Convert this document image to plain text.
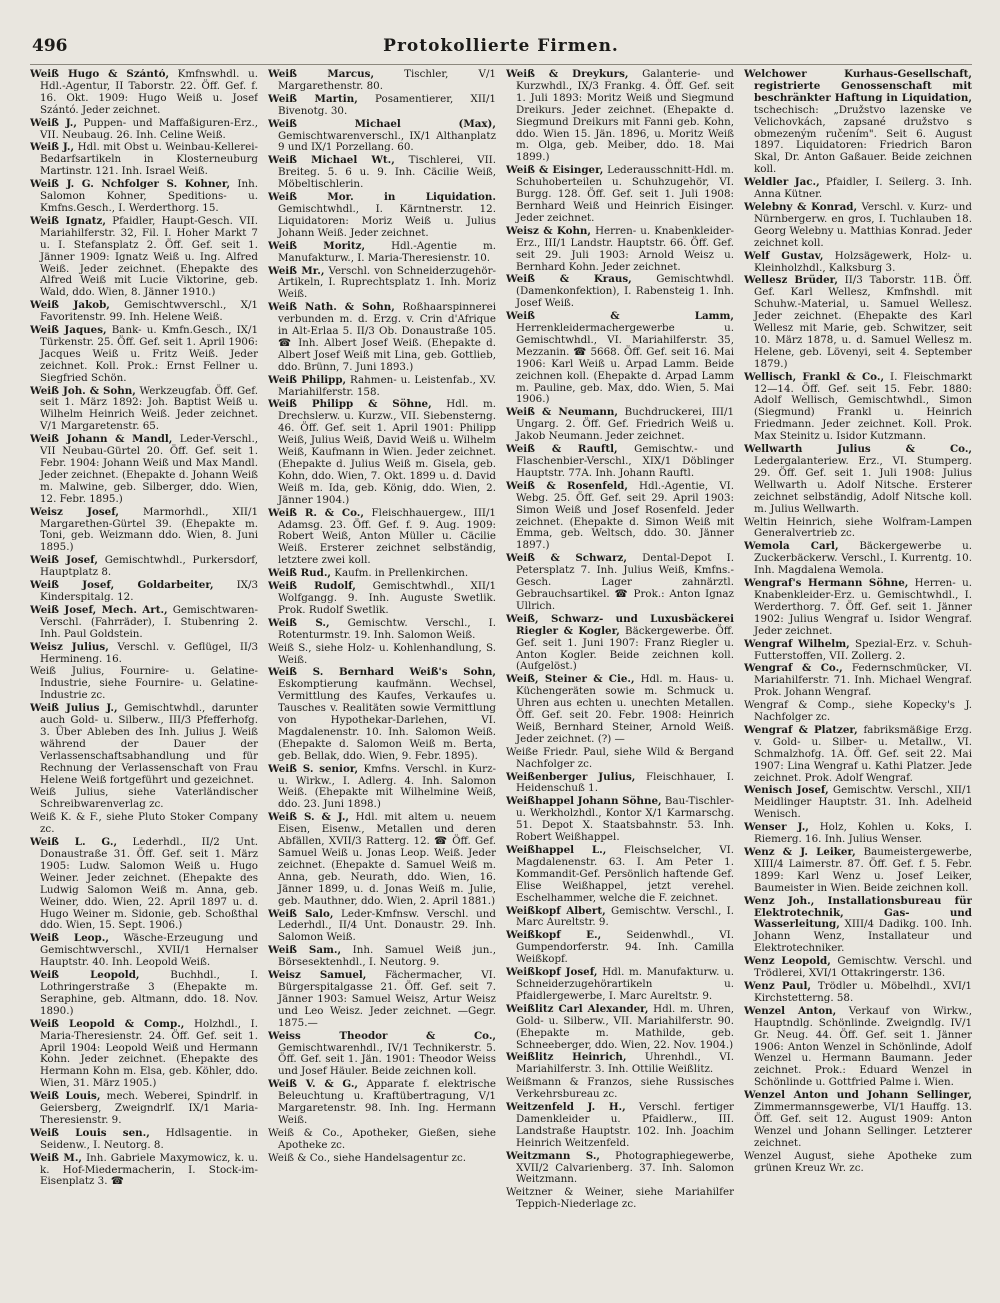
496	Protokollierte Firmen.

Weiß Hugo & Szántó, Kmfnswhdl. u. Hdl.-Agentur, II Taborstr. 22. Öff. Gef. f. 16. Okt. 1909: Hugo Weiß u. Josef Szántó. Jeder zeichnet.

Weiß J., Puppen- und Maffaßiguren-Erz., VII. Neubaug. 26. Inh. Celine Weiß.

Weiß J., Hdl. mit Obst u. Weinbau-Kellerei-Bedarfsartikeln in Klosterneuburg Martinstr. 121. Inh. Israel Weiß.

Weiß J. G. Nchfolger S. Kohner, Inh. Salomon Kohner, Speditions- u. Kmfns.Gesch., I. Werderthorg. 15.

Weiß Ignatz, Pfaidler, Haupt-Gesch. VII. Mariahilferstr. 32, Fil. I. Hoher Markt 7 u. I. Stefansplatz 2. Öff. Gef. seit 1. Jänner 1909: Ignatz Weiß u. Ing. Alfred Weiß. Jeder zeichnet. (Ehepakte des Alfred Weiß mit Lucie Viktorine, geb. Wald, ddo. Wien, 8. Jänner 1910.)

Weiß Jakob, Gemischtwverschl., X/1 Favoritenstr. 99. Inh. Helene Weiß.

Weiß Jaques, Bank- u. Kmfn.Gesch., IX/1 Türkenstr. 25. Öff. Gef. seit 1. April 1906: Jacques Weiß u. Fritz Weiß. Jeder zeichnet. Koll. Prok.: Ernst Fellner u. Siegfried Schön.

Weiß Joh. & Sohn, Werkzeugfab. Öff. Gef. seit 1. März 1892: Joh. Baptist Weiß u. Wilhelm Heinrich Weiß. Jeder zeichnet. V/1 Margaretenstr. 65.

Weiß Johann & Mandl, Leder-Verschl., VII Neubau-Gürtel 20. Öff. Gef. seit 1. Febr. 1904: Johann Weiß und Max Mandl. Jeder zeichnet. (Ehepakte d. Johann Weiß m. Malwine, geb. Silberger, ddo. Wien, 12. Febr. 1895.)

Weisz Josef, Marmorhdl., XII/1 Margarethen-Gürtel 39. (Ehepakte m. Toni, geb. Weizmann ddo. Wien, 8. Juni 1895.)

Weiß Josef, Gemischtwhdl., Purkersdorf, Hauptplatz 8.

Weiß Josef, Goldarbeiter, IX/3 Kinderspitalg. 12.

Weiß Josef, Mech. Art., Gemischtwaren-Verschl. (Fahrräder), I. Stubenring 2. Inh. Paul Goldstein.

Weisz Julius, Verschl. v. Geflügel, II/3 Hermineng. 16.

Weiß Julius, Fournire- u. Gelatine-Industrie, siehe Fournire- u. Gelatine-Industrie zc.

Weiß Julius J., Gemischtwhdl., darunter auch Gold- u. Silberw., III/3 Pfefferhofg. 3. Über Ableben des Inh. Julius J. Weiß während der Dauer der Verlassenschaftsabhandlung und für Rechnung der Verlassenschaft von Frau Helene Weiß fortgeführt und gezeichnet.

Weiß Julius, siehe Vaterländischer Schreibwarenverlag zc.

Weiß K. & F., siehe Pluto Stoker Company zc.

Weiß L. G., Lederhdl., II/2 Unt. Donaustraße 31. Öff. Gef. seit 1. März 1905: Ludw. Salomon Weiß u. Hugo Weiner. Jeder zeichnet. (Ehepakte des Ludwig Salomon Weiß m. Anna, geb. Weiner, ddo. Wien, 22. April 1897 u. d. Hugo Weiner m. Sidonie, geb. Schoßthal ddo. Wien, 15. Sept. 1906.)

Weiß Leop., Wäsche-Erzeugung und Gemischtwverschl., XVII/1 Hernalser Hauptstr. 40. Inh. Leopold Weiß.

Weiß Leopold,	Buchhdl., I. Lothringerstraße 3 (Ehepakte m. Seraphine, geb. Altmann, ddo. 18. Nov. 1890.)

Weiß Leopold & Comp., Holzhdl., I. Maria-Theresienstr. 24. Öff. Gef. seit 1. April 1904: Leopold Weiß und Hermann Kohn. Jeder zeichnet. (Ehepakte des Hermann Kohn m. Elsa, geb. Köhler, ddo. Wien, 31. März 1905.)

Weiß Louis, mech. Weberei, Spindrlf. in Geiersberg, Zweigndrlf. IX/1 Maria-Theresienstr. 9.

Weiß Louis sen., Hdlsagentie. in Seidenw., I. Neutorg. 8.

Weiß M., Inh. Gabriele Maxymowicz, k. u. k. Hof-Miedermacherin, I. Stock-im-Eisenplatz 3. ☎

Weiß Marcus,	Tischler, V/1 Margarethenstr. 80.

Weiß Martin, Posamentierer, XII/1 Bivenotg. 30.

Weiß Michael (Max), Gemischtwarenverschl., IX/1 Althanplatz 9 und IX/1 Porzellang. 60.

Weiß Michael Wt., Tischlerei, VII. Breiteg. 5. 6 u. 9. Inh. Cäcilie Weiß, Möbeltischlerin.

Weiß Mor. in Liquidation. Gemischtwhdl., I. Kärntnerstr. 12. Liquidatoren: Moriz Weiß u. Julius Johann Weiß. Jeder zeichnet.

Weiß Moritz,	Hdl.-Agentie m. Manufakturw., I. Maria-Theresienstr. 10.

Weiß Mr., Verschl. von Schneiderzugehör-Artikeln, I. Ruprechtsplatz 1. Inh. Moriz Weiß.

Weiß Nath. & Sohn, Roßhaarspinnerei verbunden m. d. Erzg. v. Crin d'Afrique in Alt-Erlaa 5. II/3 Ob. Donaustraße 105. ☎ Inh. Albert Josef Weiß. (Ehepakte d. Albert Josef Weiß mit Lina, geb. Gottlieb, ddo. Brünn, 7. Juni 1893.)

Weiß Philipp, Rahmen- u. Leistenfab., XV. Mariahilferstr. 158.

Weiß Philipp & Söhne, Hdl. m. Drechslerw. u. Kurzw., VII. Siebensterng. 46. Öff. Gef. seit 1. April 1901: Philipp Weiß, Julius Weiß, David Weiß u. Wilhelm Weiß, Kaufmann in Wien. Jeder zeichnet. (Ehepakte d. Julius Weiß m. Gisela, geb. Kohn, ddo. Wien, 7. Okt. 1899 u. d. David Weiß m. Ida, geb. König, ddo. Wien, 2. Jänner 1904.)

Weiß R. & Co., Fleischhauergew., III/1 Adamsg. 23. Öff. Gef. f. 9. Aug. 1909: Robert Weiß, Anton Müller u. Cäcilie Weiß. Ersterer zeichnet selbständig, letztere zwei koll.

Weiß Rud., Kaufm. in Prellenkirchen.

Weiß Rudolf, Gemischtwhdl., XII/1 Wolfgangg. 9. Inh. Auguste Swetlik. Prok. Rudolf Swetlik.

Weiß S., Gemischtw. Verschl., I. Rotenturmstr. 19. Inh. Salomon Weiß.

Weiß S., siehe Holz- u. Kohlenhandlung, S. Weiß.

Weiß S. Bernhard Weiß's Sohn, Eskomptierung kaufmänn. Wechsel, Vermittlung des Kaufes, Verkaufes u. Tausches v. Realitäten sowie Vermittlung von Hypothekar-Darlehen, VI. Magdalenenstr. 10. Inh. Salomon Weiß. (Ehepakte d. Salomon Weiß m. Berta, geb. Bellak, ddo. Wien, 9. Febr. 1895).

Weiß S. senior, Kmfns. Verschl. in Kurz- u. Wirkw., I. Adlerg. 4. Inh. Salomon Weiß. (Ehepakte mit Wilhelmine Weiß, ddo. 23. Juni 1898.)

Weiß S. & J., Hdl. mit altem u. neuem Eisen, Eisenw., Metallen und deren Abfällen, XVII/3 Ratterg. 12. ☎ Öff. Gef. Samuel Weiß u. Jonas Leop. Weiß. Jeder zeichnet. (Ehepakte d. Samuel Weiß m. Anna, geb. Neurath, ddo. Wien, 16. Jänner 1899, u. d. Jonas Weiß m. Julie, geb. Mauthner, ddo. Wien, 2. April 1881.)

Weiß Salo, Leder-Kmfnsw. Verschl. und Lederhdl., II/4 Unt. Donaustr. 29. Inh. Salomon Weiß.

Weiß Sam., Inh. Samuel Weiß jun., Börsesektenhdl., I. Neutorg. 9.

Weisz Samuel, Fächermacher, VI. Bürgerspitalgasse 21. Öff. Gef. seit 7. Jänner 1903: Samuel Weisz, Artur Weisz und Leo Weisz. Jeder zeichnet. —Gegr. 1875.—

Weiss Theodor & Co., Gemischtwarenhdl., IV/1 Technikerstr. 5. Öff. Gef. seit 1. Jän. 1901: Theodor Weiss und Josef Häuler. Beide zeichnen koll.

Weiß V. & G., Apparate f. elektrische Beleuchtung u. Kraftübertragung, V/1 Margaretenstr. 98. Inh. Ing. Hermann Weiß.

Weiß & Co., Apotheker, Gießen, siehe Apotheke zc.

Weiß & Co., siehe Handelsagentur zc.

Weiß & Dreykurs, Galanterie- und Kurzwhdl., IX/3 Frankg. 4. Öff. Gef. seit 1. Juli 1893: Moritz Weiß und Siegmund Dreikurs. Jeder zeichnet. (Ehepakte d. Siegmund Dreikurs mit Fanni geb. Kohn, ddo. Wien 15. Jän. 1896, u. Moritz Weiß m. Olga, geb. Meiber, ddo. 18. Mai 1899.)

Weiß & Eisinger, Lederausschnitt-Hdl. m. Schuhoberteilen u. Schuhzugehör, VI. Burgg. 128. Öff. Gef. seit 1. Juli 1908: Bernhard Weiß und Heinrich Eisinger. Jeder zeichnet.

Weisz & Kohn, Herren- u. Knabenkleider-Erz., III/1 Landstr. Hauptstr. 66. Öff. Gef. seit 29. Juli 1903: Arnold Weisz u. Bernhard Kohn. Jeder zeichnet.

Weiß & Kraus, Gemischtwhdl. (Damenkonfektion), I. Rabensteig 1. Inh. Josef Weiß.

Weiß & Lamm, Herrenkleidermachergewerbe u. Gemischtwhdl., VI. Mariahilferstr. 35, Mezzanin. ☎ 5668. Öff. Gef. seit 16. Mai 1906: Karl Weiß u. Arpad Lamm. Beide zeichnen koll. (Ehepakte d. Arpad Lamm m. Pauline, geb. Max, ddo. Wien, 5. Mai 1906.)

Weiß & Neumann, Buchdruckerei, III/1 Ungarg. 2. Öff. Gef. Friedrich Weiß u. Jakob Neumann. Jeder zeichnet.

Weiß & Rauftl, Gemischtw.- und Flaschenbier-Verschl., XIX/1 Döblinger Hauptstr. 77A. Inh. Johann Rauftl.

Weiß & Rosenfeld, Hdl.-Agentie, VI. Webg. 25. Öff. Gef. seit 29. April 1903: Simon Weiß und Josef Rosenfeld. Jeder zeichnet. (Ehepakte d. Simon Weiß mit Emma, geb. Weltsch, ddo. 30. Jänner 1897.)

Weiß & Schwarz, Dental-Depot I. Petersplatz 7. Inh. Julius Weiß, Kmfns.-Gesch. Lager zahnärztl. Gebrauchsartikel. ☎ Prok.: Anton Ignaz Ullrich.

Weiß, Schwarz- und Luxusbäckerei Riegler & Kogler, Bäckergewerbe. Öff. Gef. seit 1. Juni 1907: Franz Riegler u. Anton Kogler. Beide zeichnen koll. (Aufgelöst.)

Weiß, Steiner & Cie., Hdl. m. Haus- u. Küchengeräten sowie m. Schmuck u. Uhren aus echten u. unechten Metallen. Öff. Gef. seit 20. Febr. 1908: Heinrich Weiß, Bernhard Steiner, Arnold Weiß. Jeder zeichnet. (?) —

Weiße Friedr. Paul, siehe Wild & Bergand Nachfolger zc.

Weißenberger Julius, Fleischhauer, I. Heidenschuß 1.

Weißhappel Johann Söhne, Bau-Tischler- u. Werkholzhdl., Kontor X/1 Karmarschg. 51. Depot X. Staatsbahnstr. 53. Inh. Robert Weißhappel.

Weißhappel L., Fleischselcher, VI. Magdalenenstr. 63. I. Am Peter 1. Kommandit-Gef. Persönlich haftende Gef. Elise Weißhappel, jetzt verehel. Eschelhammer, welche die F. zeichnet.

Weißkopf Albert, Gemischtw. Verschl., I. Marc Aureltstr. 9.

Weißkopf E., Seidenwhdl., VI. Gumpendorferstr. 94. Inh. Camilla Weißkopf.

Weißkopf Josef, Hdl. m. Manufakturw. u. Schneiderzugehörartikeln u. Pfaidlergewerbe, I. Marc Aureltstr. 9.

Weißlitz Carl Alexander, Hdl. m. Uhren, Gold- u. Silberw., VII. Mariahilferstr. 90. (Ehepakte m. Mathilde, geb. Schneeberger, ddo. Wien, 22. Nov. 1904.)

Weißlitz Heinrich, Uhrenhdl., VI. Mariahilferstr. 3. Inh. Ottilie Weißlitz.

Weißmann & Franzos, siehe Russisches Verkehrsbureau zc.

Weitzenfeld J. H., Verschl. fertiger Damenkleider u. Pfaidlerw., III. Landstraße Hauptstr. 102. Inh. Joachim Heinrich Weitzenfeld.

Weitzmann S., Photographiegewerbe, XVII/2 Calvarienberg. 37. Inh. Salomon Weitzmann.

Weitzner & Weiner, siehe Mariahilfer Teppich-Niederlage zc.

Welchower Kurhaus-Gesellschaft, registrierte Genossenschaft mit beschränkter Haftung in Liquidation, tschechisch: „Družstvo lazenske ve Velichovkách, zapsané družstvo s obmezeným ručením". Seit 6. August 1897. Liquidatoren: Friedrich Baron Skal, Dr. Anton Gaßauer. Beide zeichnen koll.

Weldler Jac., Pfaidler, I. Seilerg. 3. Inh. Anna Kütner.

Welebny & Konrad, Verschl. v. Kurz- und Nürnbergerw. en gros, I. Tuchlauben 18. Georg Welebny u. Matthias Konrad. Jeder zeichnet koll.

Welf Gustav, Holzsägewerk, Holz- u. Kleinholzhdl., Kalksburg 3.

Wellesz Brüder, II/3 Taborstr. 11B. Öff. Gef. Karl Wellesz, Kmfnshdl. mit Schuhw.-Material, u. Samuel Wellesz. Jeder zeichnet. (Ehepakte des Karl Wellesz mit Marie, geb. Schwitzer, seit 10. März 1878, u. d. Samuel Wellesz m. Helene, geb. Lövenyi, seit 4. September 1879.)

Wellisch, Frankl & Co., I. Fleischmarkt 12—14. Öff. Gef. seit 15. Febr. 1880: Adolf Wellisch, Gemischtwhdl., Simon (Siegmund) Frankl u. Heinrich Friedmann. Jeder zeichnet. Koll. Prok. Max Steinitz u. Isidor Kutzmann.

Wellwarth Julius & Co., Ledergalanteriew. Erz., VI. Stumperg. 29. Öff. Gef. seit 1. Juli 1908: Julius Wellwarth u. Adolf Nitsche. Ersterer zeichnet selbständig, Adolf Nitsche koll. m. Julius Wellwarth.

Weltin Heinrich, siehe Wolfram-Lampen Generalvertrieb zc.

Wemola Carl, Bäckergewerbe u. Zuckerbäckerw. Verschl., I. Kurrentg. 10. Inh. Magdalena Wemola.

Wengraf's Hermann Söhne, Herren- u. Knabenkleider-Erz. u. Gemischtwhdl., I. Werderthorg. 7. Öff. Gef. seit 1. Jänner 1902: Julius Wengraf u. Isidor Wengraf. Jeder zeichnet.

Wengraf Wilhelm, Spezial-Erz. v. Schuh-Futterstoffen, VII. Zollerg. 2.

Wengraf & Co., Federnschmücker, VI. Mariahilferstr. 71. Inh. Michael Wengraf. Prok. Johann Wengraf.

Wengraf & Comp., siehe Kopecky's J. Nachfolger zc.

Wengraf & Platzer, fabriksmäßige Erzg. v. Gold- u. Silber- u. Metallw., VI. Schmalzhofg. 1A. Öff. Gef. seit 22. Mai 1907: Lina Wengraf u. Kathi Platzer. Jede zeichnet. Prok. Adolf Wengraf.

Wenisch Josef, Gemischtw. Verschl., XII/1 Meidlinger Hauptstr. 31. Inh. Adelheid Wenisch.

Wenser J., Holz, Kohlen u. Koks, I. Riemerg. 16. Inh. Julius Wenser.

Wenz & J. Leiker, Baumeistergewerbe, XIII/4 Laimerstr. 87. Öff. Gef. f. 5. Febr. 1899: Karl Wenz u. Josef Leiker, Baumeister in Wien. Beide zeichnen koll.

Wenz Joh., Installationsbureau für Elektrotechnik, Gas- und Wasserleitung, XIII/4 Dadikg. 100. Inh. Johann Wenz, Installateur und Elektrotechniker.

Wenz Leopold, Gemischtw. Verschl. und Trödlerei, XVI/1 Ottakringerstr. 136.

Wenz Paul, Trödler u. Möbelhdl., XVI/1 Kirchstetterng. 58.

Wenzel Anton, Verkauf von Wirkw., Hauptndlg. Schönlinde. Zweigndlg. IV/1 Gr. Neug. 44. Öff. Gef. seit 1. Jänner 1906: Anton Wenzel in Schönlinde, Adolf Wenzel u. Hermann Baumann. Jeder zeichnet. Prok.: Eduard Wenzel in Schönlinde u. Gottfried Palme i. Wien.

Wenzel Anton und Johann Sellinger, Zimmermannsgewerbe, VI/1 Hauffg. 13. Öff. Gef. seit 12. August 1909: Anton Wenzel und Johann Sellinger. Letzterer zeichnet.

Wenzel August, siehe Apotheke zum grünen Kreuz Wr. zc.
